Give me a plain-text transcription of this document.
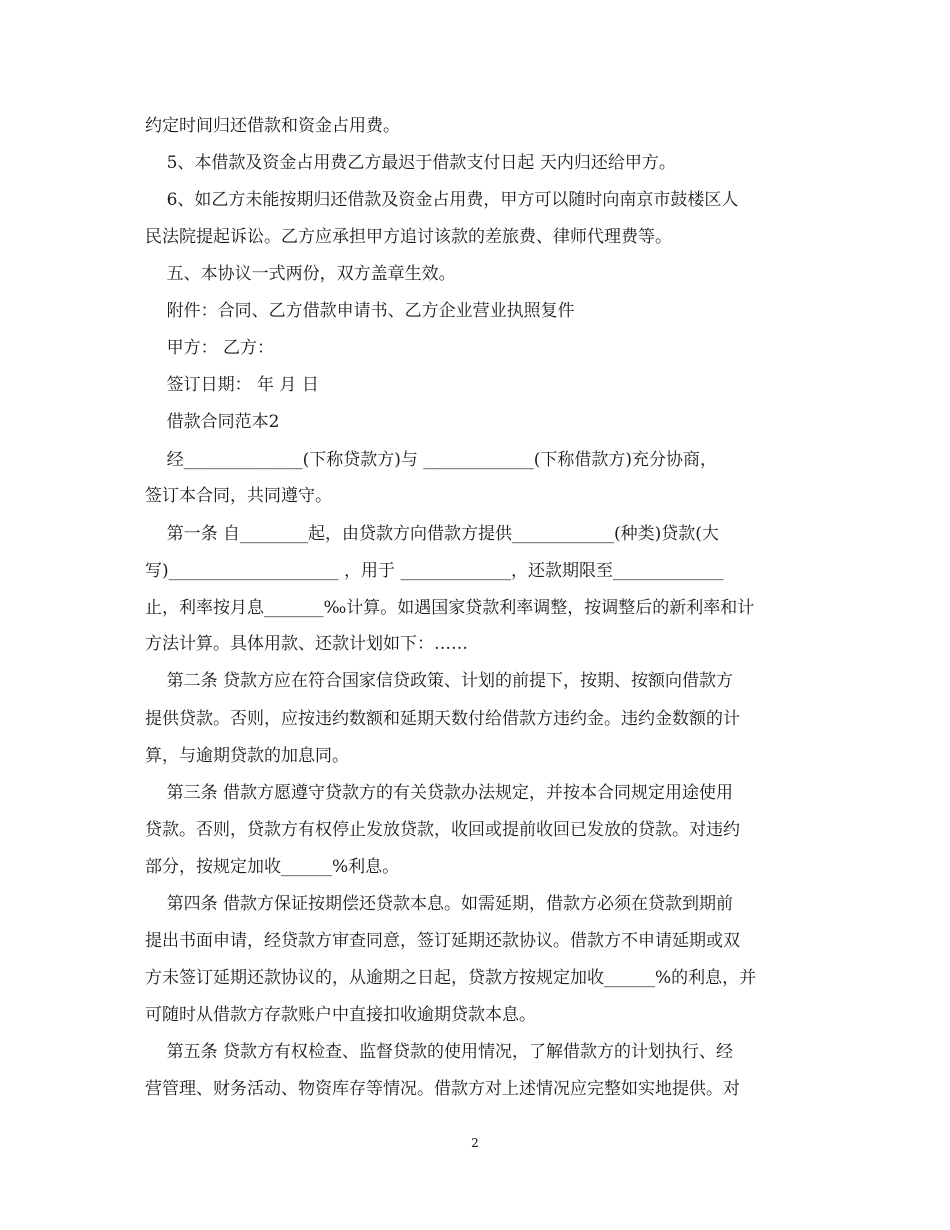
约定时间归还借款和资金占用费。
5、本借款及资金占用费乙方最迟于借款支付日起 天内归还给甲方。
6、如乙方未能按期归还借款及资金占用费，甲方可以随时向南京市鼓楼区人
民法院提起诉讼。乙方应承担甲方追讨该款的差旅费、律师代理费等。
五、本协议一式两份，双方盖章生效。
附件：合同、乙方借款申请书、乙方企业营业执照复件
甲方： 乙方：
签订日期： 年 月 日
借款合同范本2
经______________(下称贷款方)与 _____________(下称借款方)充分协商，
签订本合同，共同遵守。
第一条 自________起，由贷款方向借款方提供____________(种类)贷款(大
写)____________________ ，用于 _____________，还款期限至_____________
止，利率按月息_______‰计算。如遇国家贷款利率调整，按调整后的新利率和计
方法计算。具体用款、还款计划如下：……
第二条 贷款方应在符合国家信贷政策、计划的前提下，按期、按额向借款方
提供贷款。否则，应按违约数额和延期天数付给借款方违约金。违约金数额的计
算，与逾期贷款的加息同。
第三条 借款方愿遵守贷款方的有关贷款办法规定，并按本合同规定用途使用
贷款。否则，贷款方有权停止发放贷款，收回或提前收回已发放的贷款。对违约
部分，按规定加收______%利息。
第四条 借款方保证按期偿还贷款本息。如需延期，借款方必须在贷款到期前
提出书面申请，经贷款方审查同意，签订延期还款协议。借款方不申请延期或双
方未签订延期还款协议的，从逾期之日起，贷款方按规定加收______%的利息，并
可随时从借款方存款账户中直接扣收逾期贷款本息。
第五条 贷款方有权检查、监督贷款的使用情况，了解借款方的计划执行、经
营管理、财务活动、物资库存等情况。借款方对上述情况应完整如实地提供。对
2
